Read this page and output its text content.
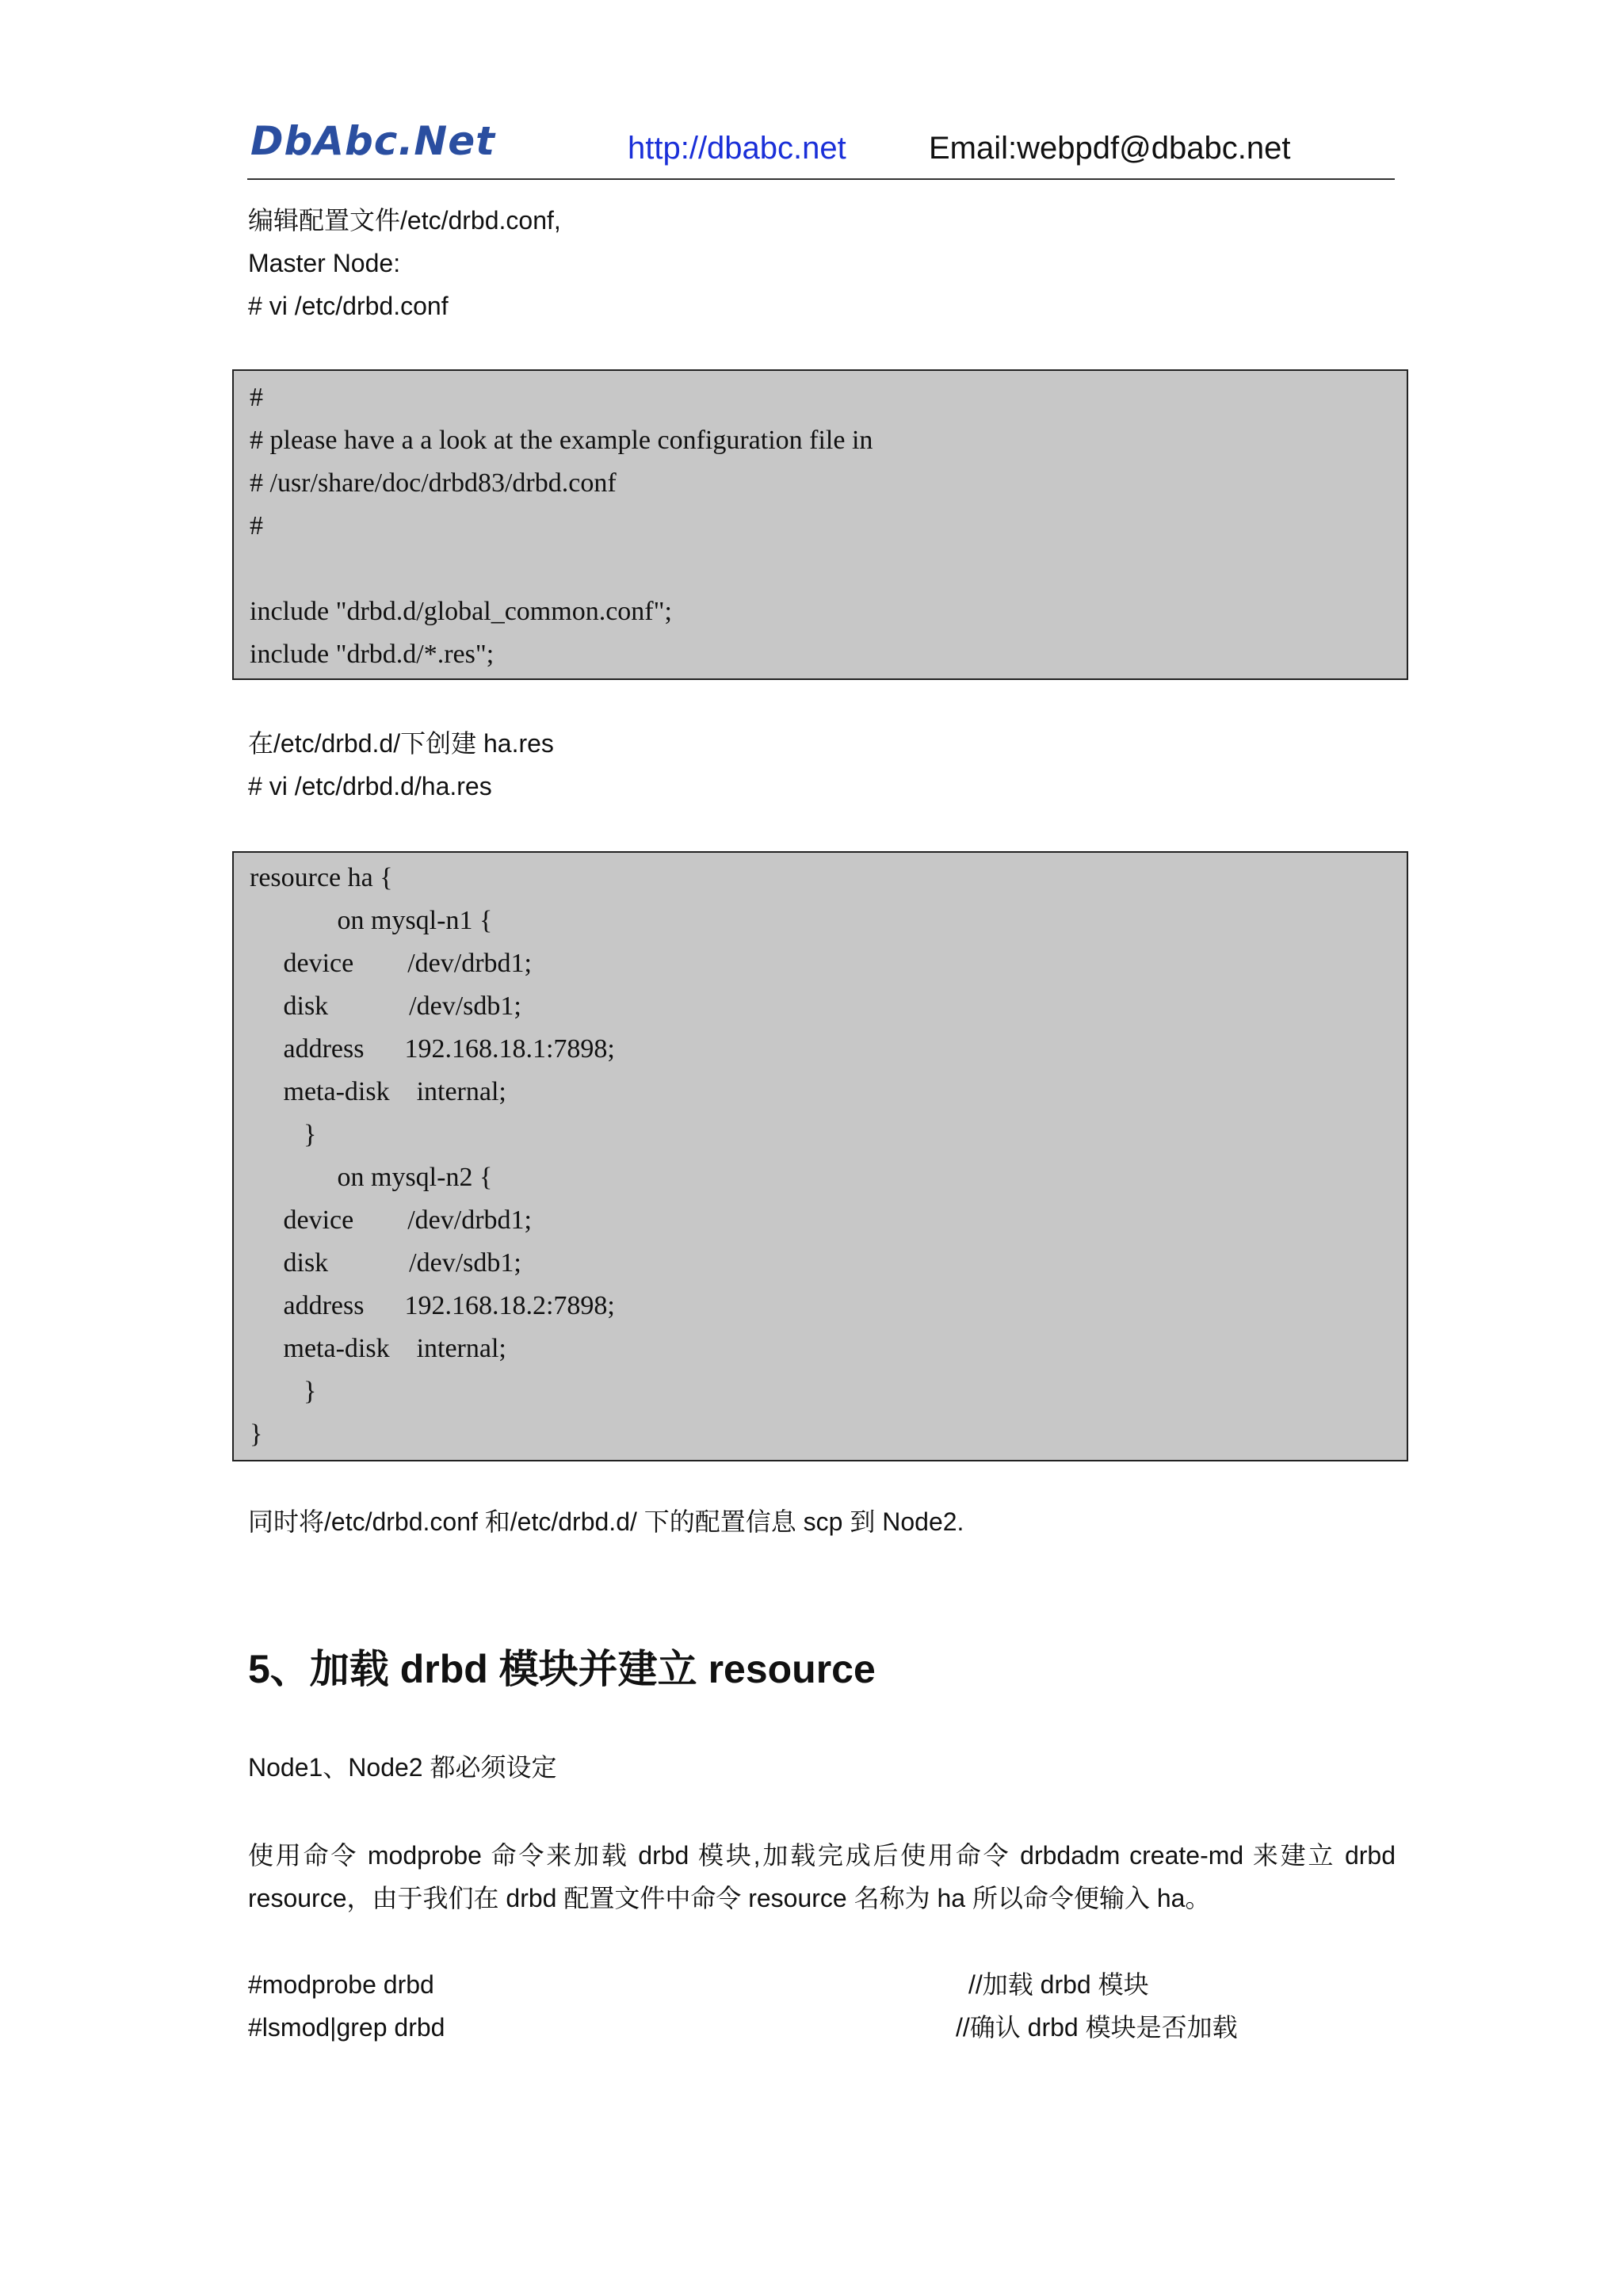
DbAbc.Net	http://dbabc.net	Email:webpdf@dbabc.net
编辑配置文件/etc/drbd.conf,
Master Node:
# vi /etc/drbd.conf
#
# please have a a look at the example configuration file in
# /usr/share/doc/drbd83/drbd.conf
#
include "drbd.d/global_common.conf";
include "drbd.d/*.res";
在/etc/drbd.d/下创建 ha.res
# vi /etc/drbd.d/ha.res
resource ha {
on mysql-n1 {
device        /dev/drbd1;
disk            /dev/sdb1;
address      192.168.18.1:7898;
meta-disk    internal;
}
on mysql-n2 {
device        /dev/drbd1;
disk            /dev/sdb1;
address      192.168.18.2:7898;
meta-disk    internal;
}
}
同时将/etc/drbd.conf 和/etc/drbd.d/ 下的配置信息 scp 到 Node2.
5、加载 drbd 模块并建立 resource
Node1、Node2 都必须设定
使用命令 modprobe 命令来加载 drbd 模块,加载完成后使用命令 drbdadm create-md 来建立 drbd resource，由于我们在 drbd 配置文件中命令 resource 名称为 ha 所以命令便输入 ha。
#modprobe drbd	//加载 drbd 模块
#lsmod|grep drbd	//确认 drbd 模块是否加载
